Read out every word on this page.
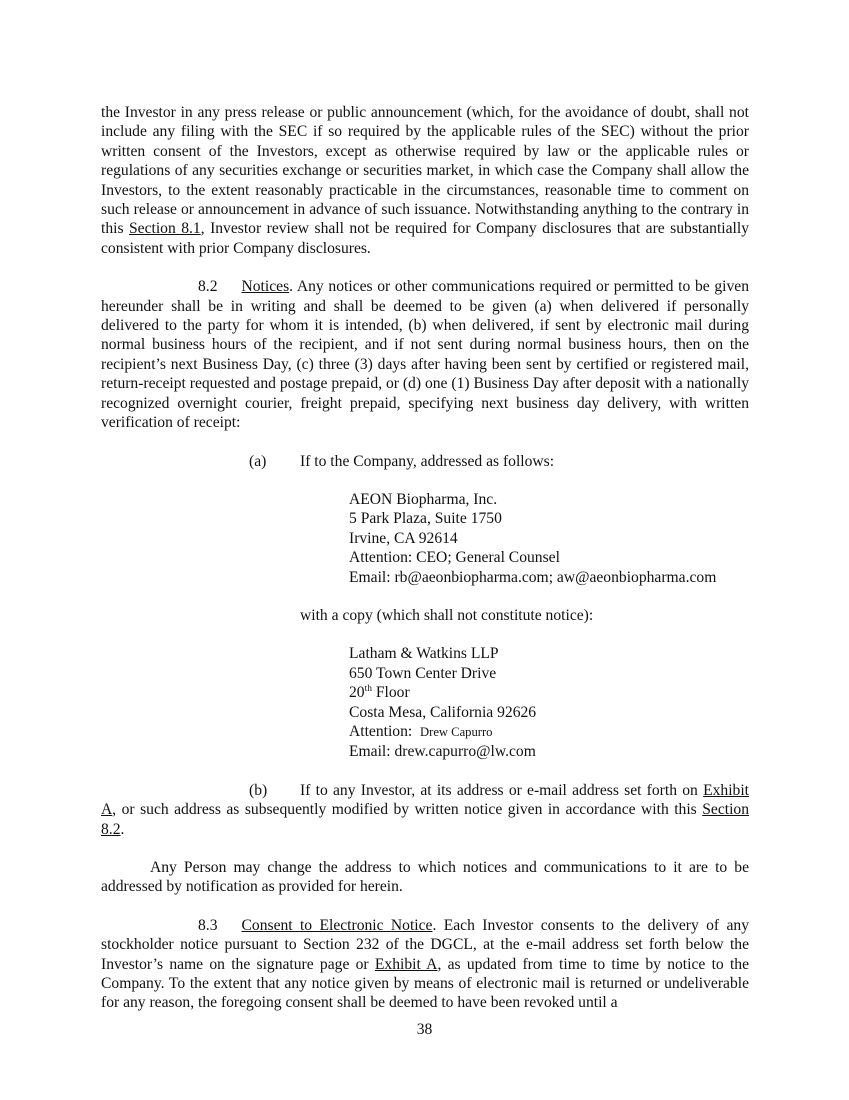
the Investor in any press release or public announcement (which, for the avoidance of doubt, shall not include any filing with the SEC if so required by the applicable rules of the SEC) without the prior written consent of the Investors, except as otherwise required by law or the applicable rules or regulations of any securities exchange or securities market, in which case the Company shall allow the Investors, to the extent reasonably practicable in the circumstances, reasonable time to comment on such release or announcement in advance of such issuance. Notwithstanding anything to the contrary in this Section 8.1, Investor review shall not be required for Company disclosures that are substantially consistent with prior Company disclosures.

8.2 Notices. Any notices or other communications required or permitted to be given hereunder shall be in writing and shall be deemed to be given (a) when delivered if personally delivered to the party for whom it is intended, (b) when delivered, if sent by electronic mail during normal business hours of the recipient, and if not sent during normal business hours, then on the recipient’s next Business Day, (c) three (3) days after having been sent by certified or registered mail, return-receipt requested and postage prepaid, or (d) one (1) Business Day after deposit with a nationally recognized overnight courier, freight prepaid, specifying next business day delivery, with written verification of receipt:

(a)	If to the Company, addressed as follows:
AEON Biopharma, Inc.
5 Park Plaza, Suite 1750
Irvine, CA 92614
Attention: CEO; General Counsel
Email: rb@aeonbiopharma.com; aw@aeonbiopharma.com
with a copy (which shall not constitute notice):
Latham & Watkins LLP
650 Town Center Drive
20th Floor
Costa Mesa, California 92626
Attention:  Drew Capurro
Email: drew.capurro@lw.com

(b) If to any Investor, at its address or e-mail address set forth on Exhibit A, or such address as subsequently modified by written notice given in accordance with this Section 8.2.

Any Person may change the address to which notices and communications to it are to be addressed by notification as provided for herein.

8.3 Consent to Electronic Notice. Each Investor consents to the delivery of any stockholder notice pursuant to Section 232 of the DGCL, at the e-mail address set forth below the Investor’s name on the signature page or Exhibit A, as updated from time to time by notice to the Company. To the extent that any notice given by means of electronic mail is returned or undeliverable for any reason, the foregoing consent shall be deemed to have been revoked until a

38
